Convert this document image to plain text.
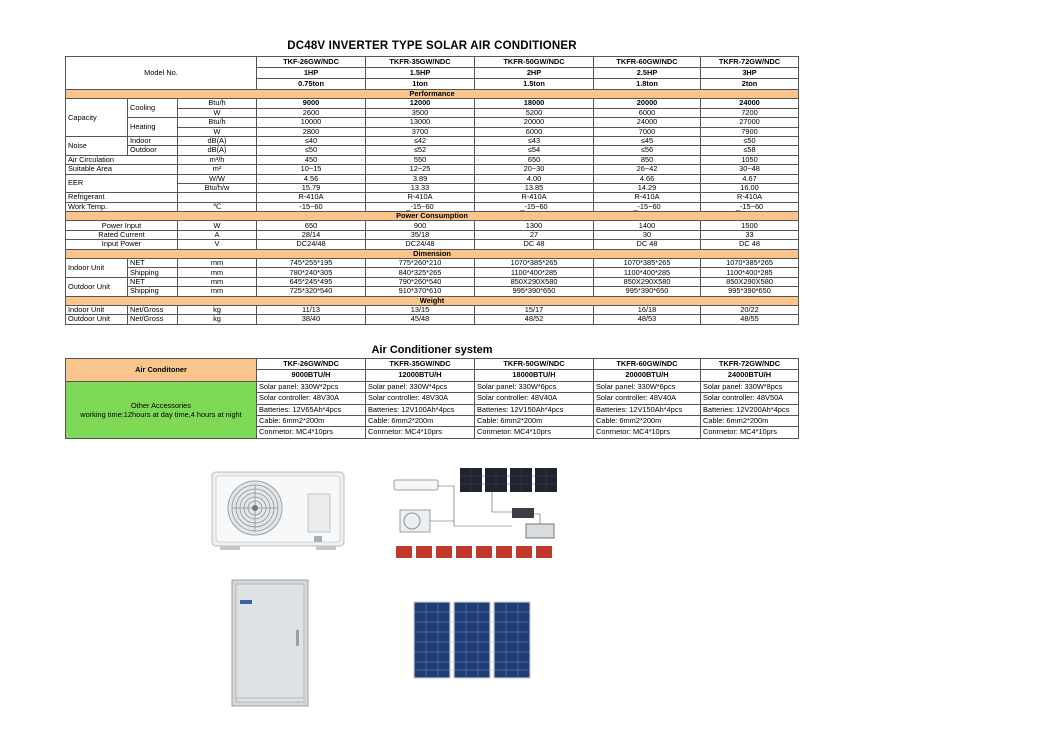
DC48V INVERTER TYPE SOLAR AIR CONDITIONER
Model No.			TKF-26GW/NDC	TKFR-35GW/NDC	TKFR-50GW/NDC	TKFR-60GW/NDC	TKFR-72GW/NDC
			1HP	1.5HP	2HP	2.5HP	3HP
			0.75ton	1ton	1.5ton	1.8ton	2ton
Performance							
Capacity	Cooling	Btu/h	9000	12000	18000	20000	24000
		W	2600	3500	5200	6000	7200
	Heating	Btu/h	10000	13000	20000	24000	27000
		W	2800	3700	6000	7000	7900
Noise	Indoor	dB(A)	≤40	≤42	≤43	≤45	≤50
	Outdoor	dB(A)	≤50	≤52	≤54	≤56	≤58
Air Circulation		m³/h	450	550	650	850	1050
Suitable Area		m²	10~15	12~25	20~30	26~42	30~48
EER		W/W	4.56	3.89	4.00	4.66	4.67
		Btu/h/w	15.79	13.33	13.85	14.29	16.00
Refrigerant			R-410A	R-410A	R-410A	R-410A	R-410A
Work Temp.		℃	-15~60	_-15~60	_-15~60	_-15~60	_-15~60
Power Consumption							
Power Input		W	650	900	1300	1400	1500
Rated Current		A	28/14	35/18	27	30	33
Input Power		V	DC24/48	DC24/48	DC 48	DC 48	DC 48
Dimension							
Indoor Unit	NET	mm	745*255*195	775*260*210	1070*385*265	1070*385*265	1070*385*265
	Shipping	mm	780*240*305	840*325*265	1100*400*285	1100*400*285	1100*400*285
Outdoor Unit	NET	mm	645*245*495	790*260*540	850X290X580	850X290X580	850X290X580
	Shipping	mm	725*320*540	910*370*610	995*390*650	995*390*650	995*390*650
Weight							
Indoor Unit	Net/Gross	kg	11/13	13/15	15/17	16/18	20/22
Outdoor Unit	Net/Gross	kg	38/40	45/48	48/52	48/53	48/55
Air Conditioner system
Air Conditoner	TKF-26GW/NDC	TKFR-35GW/NDC	TKFR-50GW/NDC	TKFR-60GW/NDC	TKFR-72GW/NDC
	9000BTU/H	12000BTU/H	18000BTU/H	20000BTU/H	24000BTU/H

Other Accessories
working time:12hours at day time,4 hours at night	Solar panel: 330W*2pcs	Solar panel: 330W*4pcs	Solar panel: 330W*6pcs	Solar panel: 330W*6pcs	Solar panel: 330W*8pcs
	Solar controller: 48V30A	Solar controller: 48V30A	Solar controller: 48V40A	Solar controller: 48V40A	Solar controller: 48V50A
	Batteries: 12V65Ah*4pcs	Batteries: 12V100Ah*4pcs	Batteries: 12V150Ah*4pcs	Batteries: 12V150Ah*4pcs	Batteries: 12V200Ah*4pcs
	Cable: 6mm2*200m	Cable: 6mm2*200m	Cable: 6mm2*200m	Cable: 6mm2*200m	Cable: 6mm2*200m
	Conrnetor: MC4*10prs	Conrnetor: MC4*10prs	Conrnetor: MC4*10prs	Conrnetor: MC4*10prs	Conrnetor: MC4*10prs
